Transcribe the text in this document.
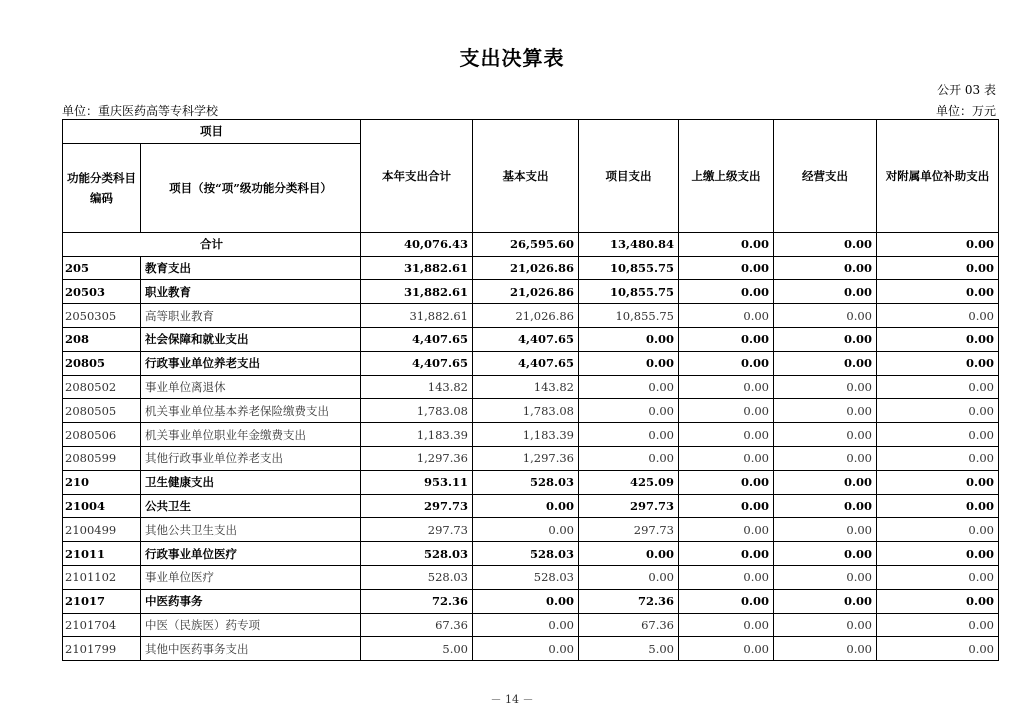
支出决算表
公开 03 表
单位：重庆医药高等专科学校	单位：万元
项目		本年支出合计	基本支出	项目支出	上缴上级支出	经营支出	对附属单位补助支出
功能分类科目编码	项目（按“项”级功能分类科目）						
合计		40,076.43	26,595.60	13,480.84	0.00	0.00	0.00
205	教育支出	31,882.61	21,026.86	10,855.75	0.00	0.00	0.00
20503	职业教育	31,882.61	21,026.86	10,855.75	0.00	0.00	0.00
2050305	高等职业教育	31,882.61	21,026.86	10,855.75	0.00	0.00	0.00
208	社会保障和就业支出	4,407.65	4,407.65	0.00	0.00	0.00	0.00
20805	行政事业单位养老支出	4,407.65	4,407.65	0.00	0.00	0.00	0.00
2080502	事业单位离退休	143.82	143.82	0.00	0.00	0.00	0.00
2080505	机关事业单位基本养老保险缴费支出	1,783.08	1,783.08	0.00	0.00	0.00	0.00
2080506	机关事业单位职业年金缴费支出	1,183.39	1,183.39	0.00	0.00	0.00	0.00
2080599	其他行政事业单位养老支出	1,297.36	1,297.36	0.00	0.00	0.00	0.00
210	卫生健康支出	953.11	528.03	425.09	0.00	0.00	0.00
21004	公共卫生	297.73	0.00	297.73	0.00	0.00	0.00
2100499	其他公共卫生支出	297.73	0.00	297.73	0.00	0.00	0.00
21011	行政事业单位医疗	528.03	528.03	0.00	0.00	0.00	0.00
2101102	事业单位医疗	528.03	528.03	0.00	0.00	0.00	0.00
21017	中医药事务	72.36	0.00	72.36	0.00	0.00	0.00
2101704	中医（民族医）药专项	67.36	0.00	67.36	0.00	0.00	0.00
2101799	其他中医药事务支出	5.00	0.00	5.00	0.00	0.00	0.00
－ 14 －
